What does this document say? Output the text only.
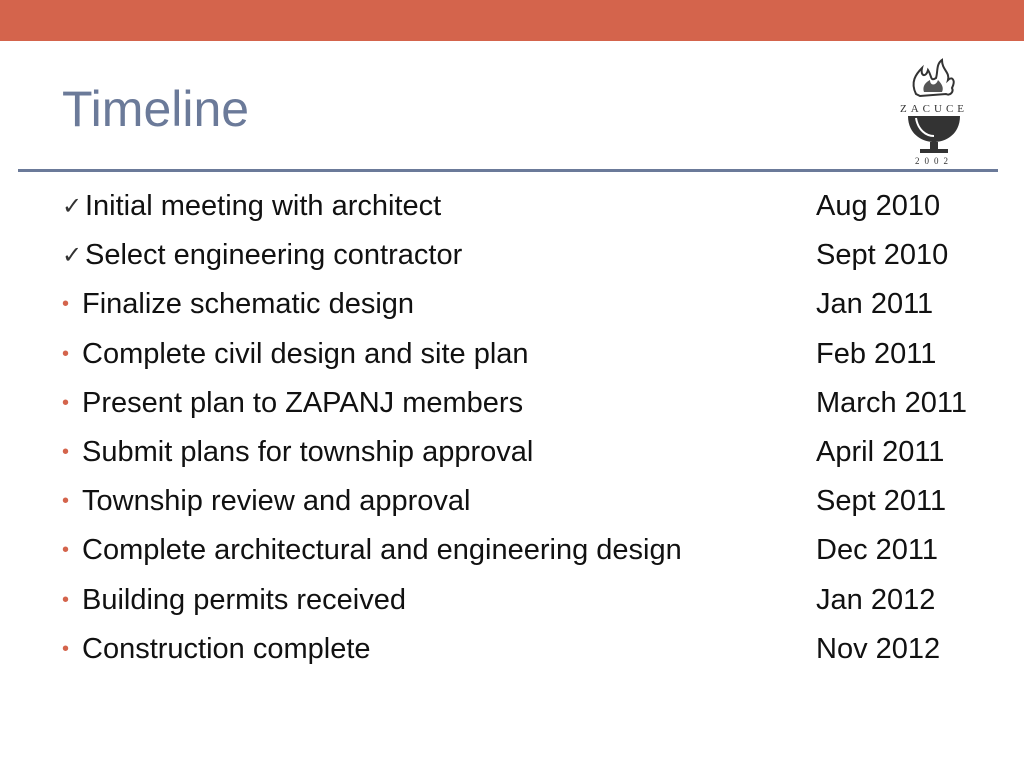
Timeline	ZACUCE
2002
✓ Initial meeting with architect	Aug 2010
✓ Select engineering contractor	Sept 2010
• Finalize schematic design	Jan 2011
• Complete civil design and site plan	Feb 2011
• Present plan to ZAPANJ members	March 2011
• Submit plans for township approval	April 2011
• Township review and approval	Sept 2011
• Complete architectural and engineering design	Dec 2011
• Building permits received	Jan 2012
• Construction complete	Nov 2012
